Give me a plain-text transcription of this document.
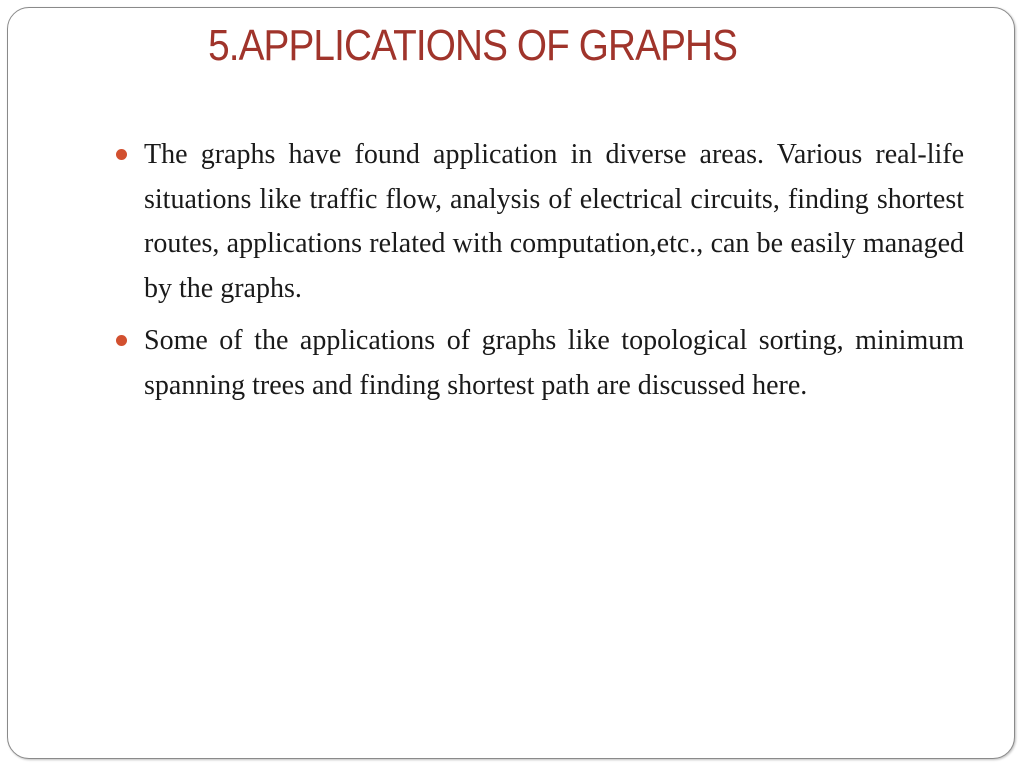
5.APPLICATIONS OF GRAPHS
The graphs have found application in diverse areas. Various real-life situations like traffic flow, analysis of electrical circuits, finding shortest routes, applications related with computation,etc., can be easily managed by the graphs.
Some of the applications of graphs like topological sorting, minimum spanning trees and finding shortest path are discussed here.
